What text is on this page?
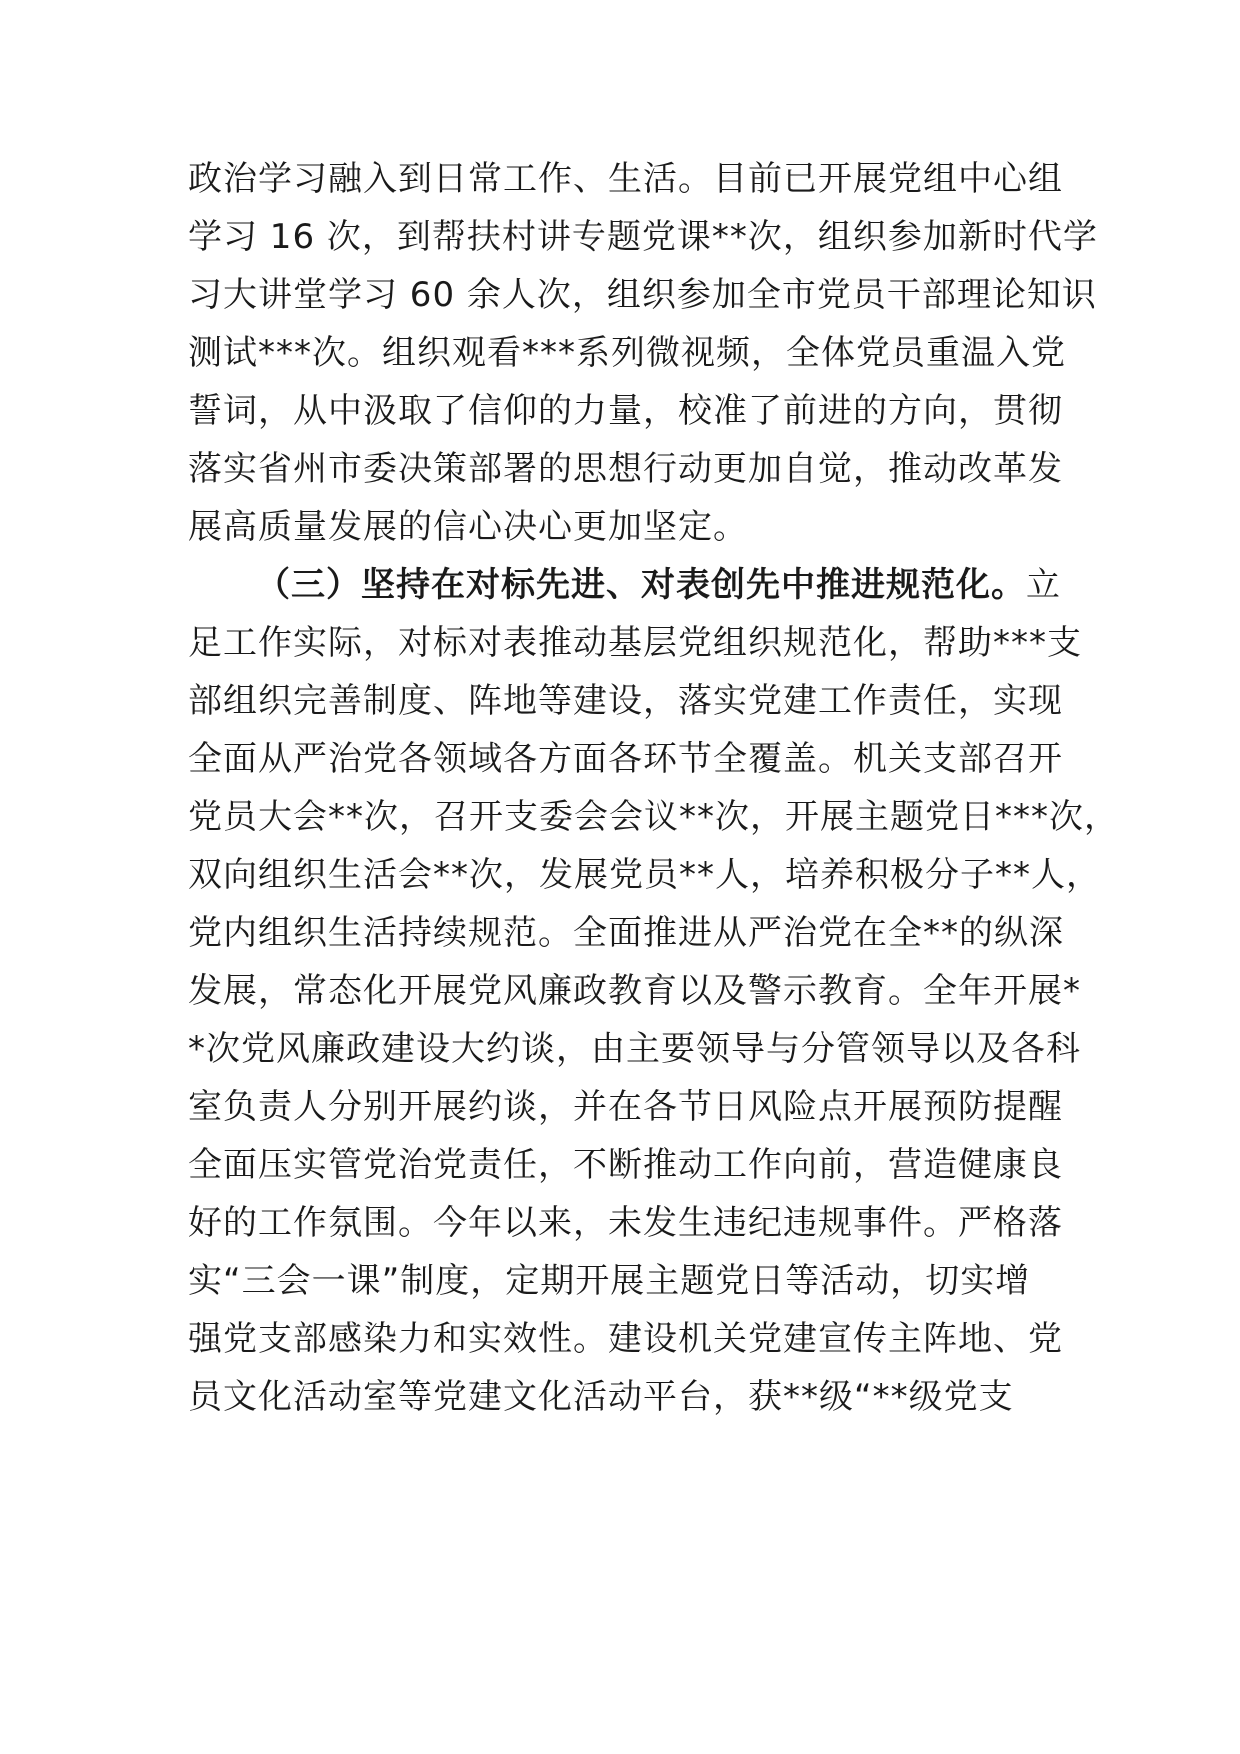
政治学习融入到日常工作、生活。目前已开展党组中心组
学习 16 次，到帮扶村讲专题党课**次，组织参加新时代学
习大讲堂学习 60 余人次，组织参加全市党员干部理论知识
测试***次。组织观看***系列微视频，全体党员重温入党
誓词，从中汲取了信仰的力量，校准了前进的方向，贯彻
落实省州市委决策部署的思想行动更加自觉，推动改革发
展高质量发展的信心决心更加坚定。
（三）坚持在对标先进、对表创先中推进规范化。立
足工作实际，对标对表推动基层党组织规范化，帮助***支
部组织完善制度、阵地等建设，落实党建工作责任，实现
全面从严治党各领域各方面各环节全覆盖。机关支部召开
党员大会**次，召开支委会会议**次，开展主题党日***次，
双向组织生活会**次，发展党员**人，培养积极分子**人，
党内组织生活持续规范。全面推进从严治党在全**的纵深
发展，常态化开展党风廉政教育以及警示教育。全年开展*
*次党风廉政建设大约谈，由主要领导与分管领导以及各科
室负责人分别开展约谈，并在各节日风险点开展预防提醒
全面压实管党治党责任，不断推动工作向前，营造健康良
好的工作氛围。今年以来，未发生违纪违规事件。严格落
实“三会一课”制度，定期开展主题党日等活动，切实增
强党支部感染力和实效性。建设机关党建宣传主阵地、党
员文化活动室等党建文化活动平台，获**级“**级党支
